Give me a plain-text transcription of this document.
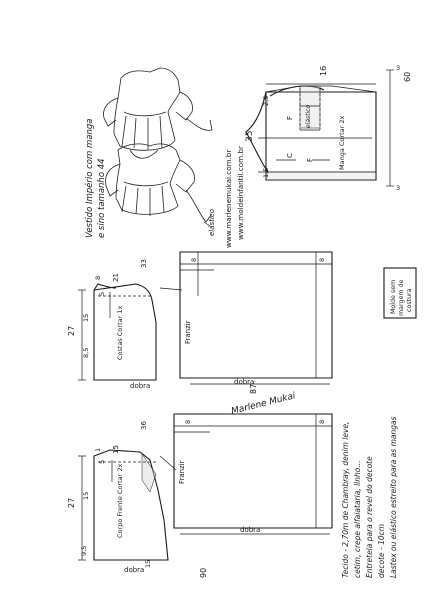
Vestido Império com manga e sino tamanho 44	elástico www.marlenemukai.com.br www.moldeinfantil.com.br
16
35
2,5
1,5
60
3
3
F
C
F	Manga Cortar 2x
elástico
Molde sem margem de costura
Costas Cortar 1x
5
21
33
8
8,5
15
27
dobra
Franzir
8	8
87
dobra
Marlene Mukai
Corpo Frente Cortar 2x
5
15
36
1
15
15
9,5
27
dobra
Franzir
8	8
90
dobra	Tecido - 2,70m de Chambray, denim leve, cetim, crepe alfaiataria, linho... Entretela para o revel do decote decote - 10cm Lastex ou elástico estreito para as mangas
